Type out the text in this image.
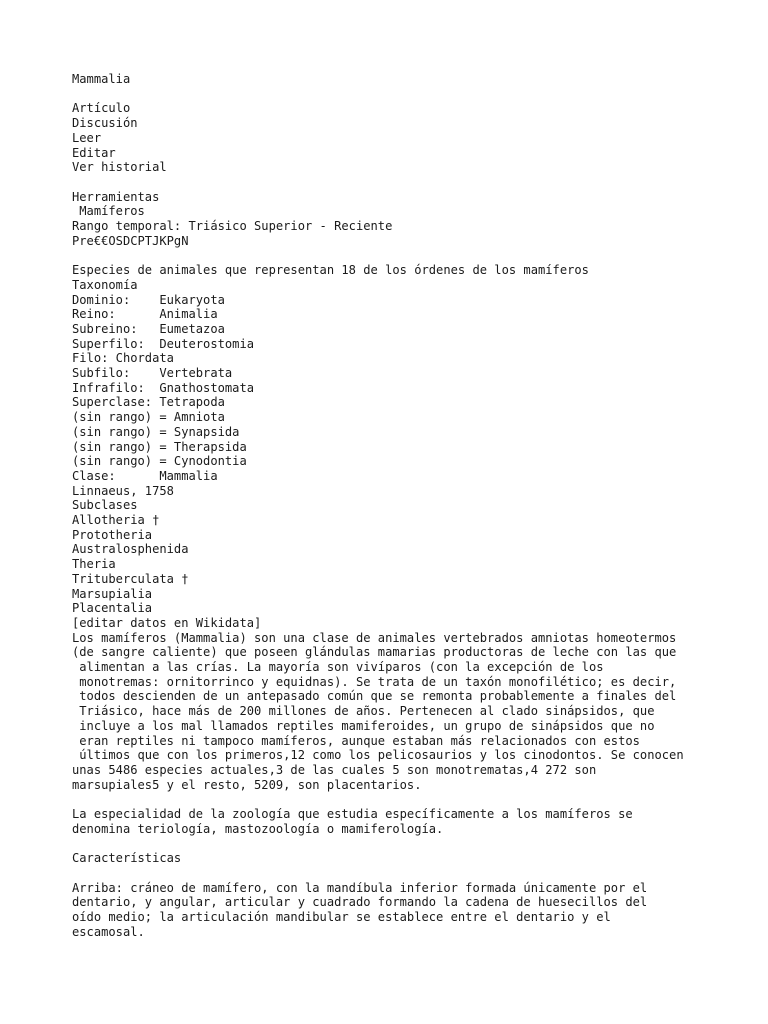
Mammalia
Artículo
Discusión
Leer
Editar
Ver historial
Herramientas
Mamíferos
Rango temporal: Triásico Superior - Reciente
Pre€€OSDCPTJKPgN
Especies de animales que representan 18 de los órdenes de los mamíferos
Taxonomía
Dominio:    Eukaryota
Reino:      Animalia
Subreino:   Eumetazoa
Superfilo:  Deuterostomia
Filo: Chordata
Subfilo:    Vertebrata
Infrafilo:  Gnathostomata
Superclase: Tetrapoda
(sin rango) = Amniota
(sin rango) = Synapsida
(sin rango) = Therapsida
(sin rango) = Cynodontia
Clase:      Mammalia
Linnaeus, 1758
Subclases
Allotheria †
Prototheria
Australosphenida
Theria
Trituberculata †
Marsupialia
Placentalia
[editar datos en Wikidata]
Los mamíferos (Mammalia) son una clase de animales vertebrados amniotas homeotermos
(de sangre caliente) que poseen glándulas mamarias productoras de leche con las que
alimentan a las crías. La mayoría son vivíparos (con la excepción de los
monotremas: ornitorrinco y equidnas). Se trata de un taxón monofilético; es decir,
todos descienden de un antepasado común que se remonta probablemente a finales del
Triásico, hace más de 200 millones de años. Pertenecen al clado sinápsidos, que
incluye a los mal llamados reptiles mamiferoides, un grupo de sinápsidos que no
eran reptiles ni tampoco mamíferos, aunque estaban más relacionados con estos
últimos que con los primeros,12 como los pelicosaurios y los cinodontos. Se conocen
unas 5486 especies actuales,3 de las cuales 5 son monotrematas,4 272 son
marsupiales5 y el resto, 5209, son placentarios.
La especialidad de la zoología que estudia específicamente a los mamíferos se
denomina teriología, mastozoología o mamiferología.
Características
Arriba: cráneo de mamífero, con la mandíbula inferior formada únicamente por el
dentario, y angular, articular y cuadrado formando la cadena de huesecillos del
oído medio; la articulación mandibular se establece entre el dentario y el
escamosal.
